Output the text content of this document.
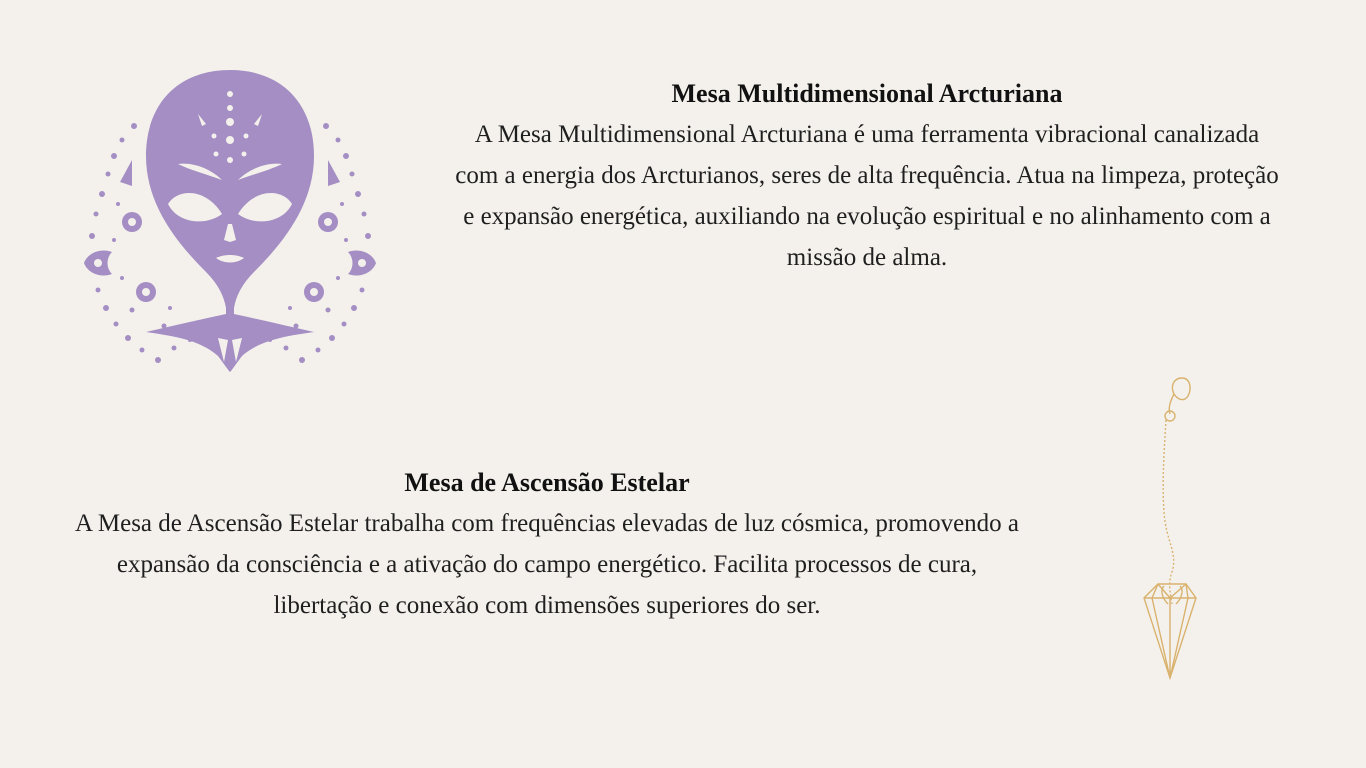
Mesa Multidimensional Arcturiana

A Mesa Multidimensional Arcturiana é uma ferramenta vibracional canalizada com a energia dos Arcturianos, seres de alta frequência. Atua na limpeza, proteção e expansão energética, auxiliando na evolução espiritual e no alinhamento com a missão de alma.

Mesa de Ascensão Estelar

A Mesa de Ascensão Estelar trabalha com frequências elevadas de luz cósmica, promovendo a expansão da consciência e a ativação do campo energético. Facilita processos de cura, libertação e conexão com dimensões superiores do ser.
